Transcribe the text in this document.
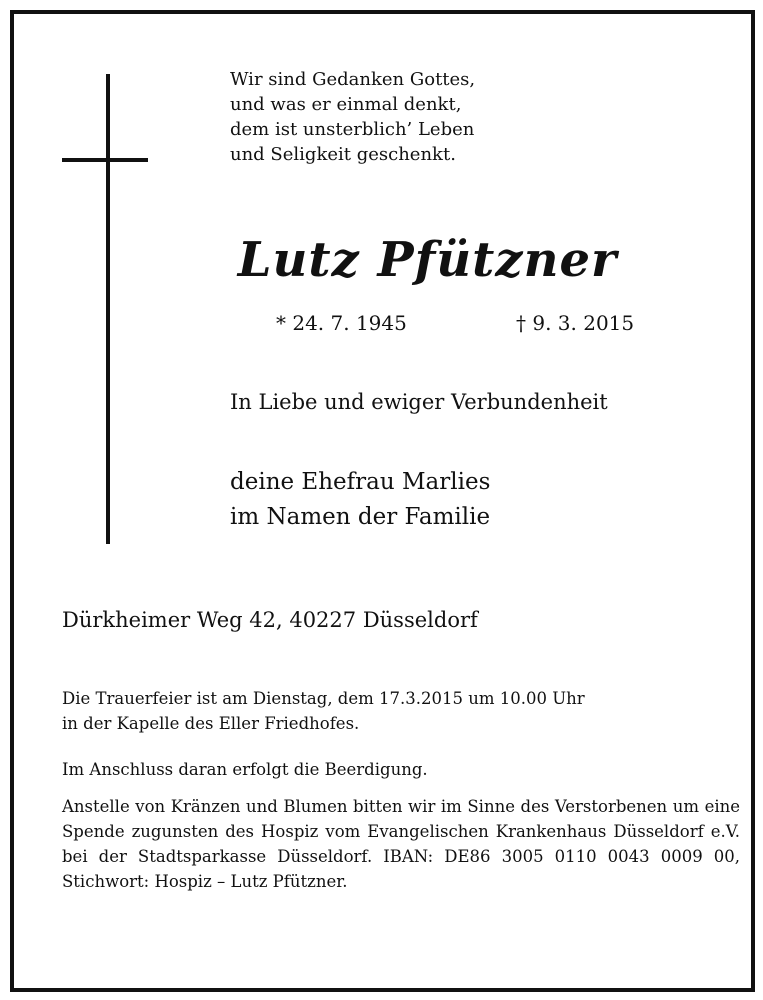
Wir sind Gedanken Gottes,
und was er einmal denkt,
dem ist unsterblich’ Leben
und Seligkeit geschenkt.

Lutz Pfützner
* 24. 7. 1945	† 9. 3. 2015
In Liebe und ewiger Verbundenheit
deine Ehefrau Marlies
im Namen der Familie
Dürkheimer Weg 42, 40227 Düsseldorf

Die Trauerfeier ist am Dienstag, dem 17.3.2015 um 10.00 Uhr
in der Kapelle des Eller Friedhofes.

Im Anschluss daran erfolgt die Beerdigung.

Anstelle von Kränzen und Blumen bitten wir im Sinne des Verstorbenen um eine Spende zugunsten des Hospiz vom Evangelischen Krankenhaus Düsseldorf e.V. bei der Stadtsparkasse Düsseldorf. IBAN: DE86 3005 0110 0043 0009 00, Stichwort: Hospiz – Lutz Pfützner.
